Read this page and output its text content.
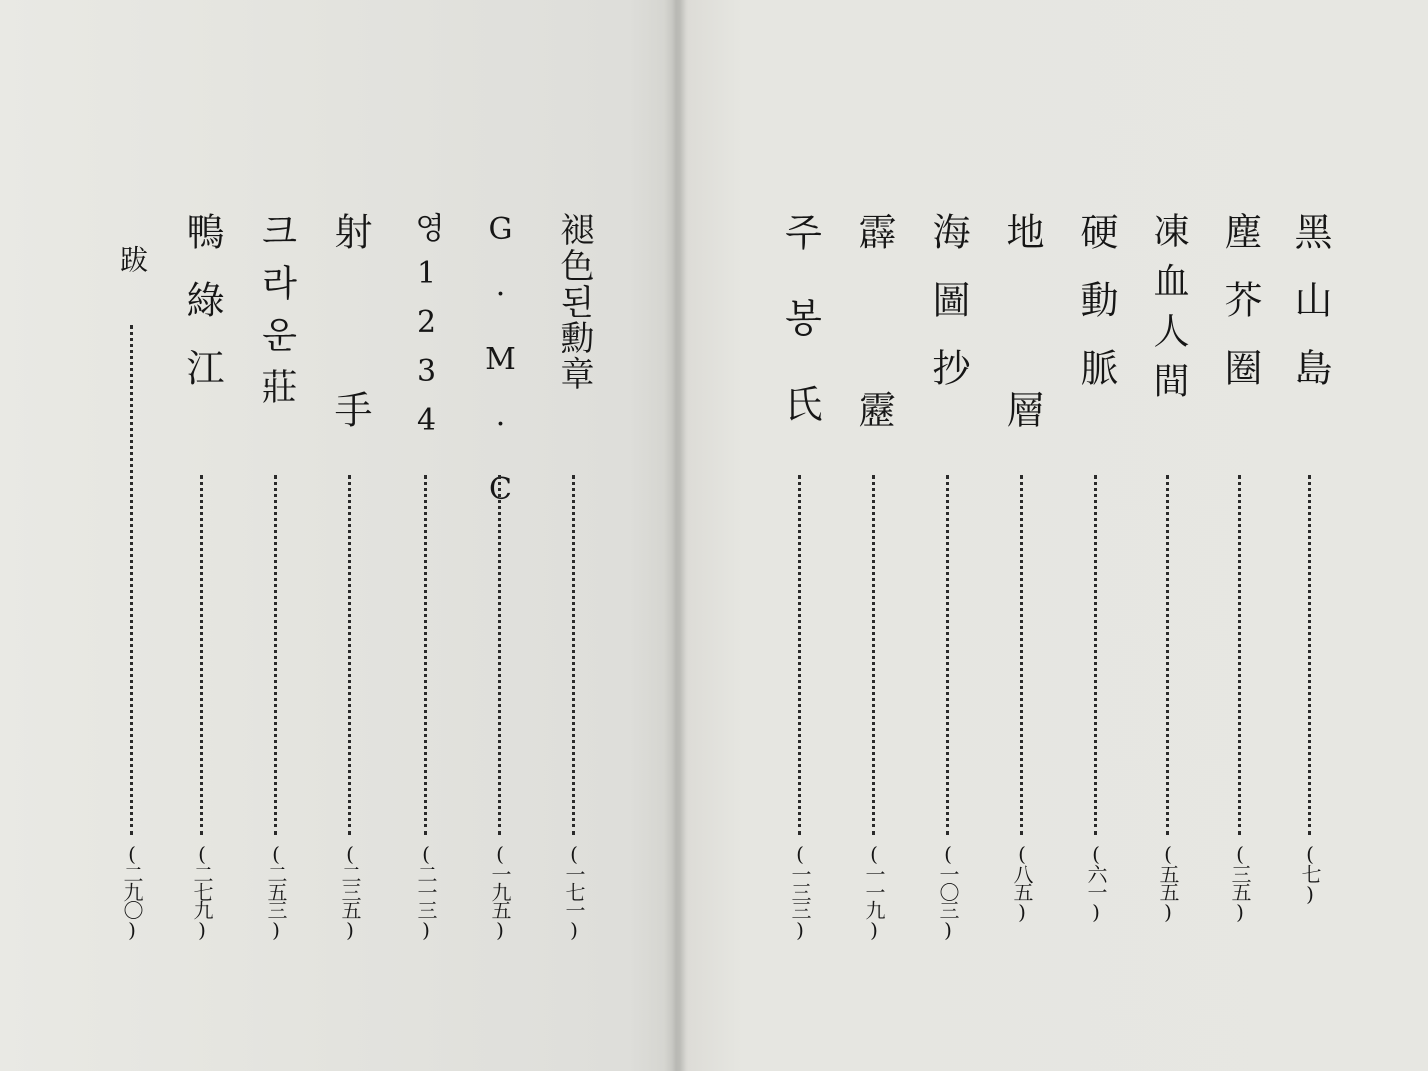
黑山島
(七)
塵芥圈
(三五)
凍血人間
(五五)
硬動脈
(六一)
地層
(八五)
海圖抄
(一〇三)
霹靂
(一一九)
주봉氏
(一三三)
褪色된勳章
(一七一)
G·M·C
(一九五)
영1234
(二一三)
射手
(二三五)
크라운莊
(二五三)
鴨綠江
(二七九)
跋
(二九〇)
